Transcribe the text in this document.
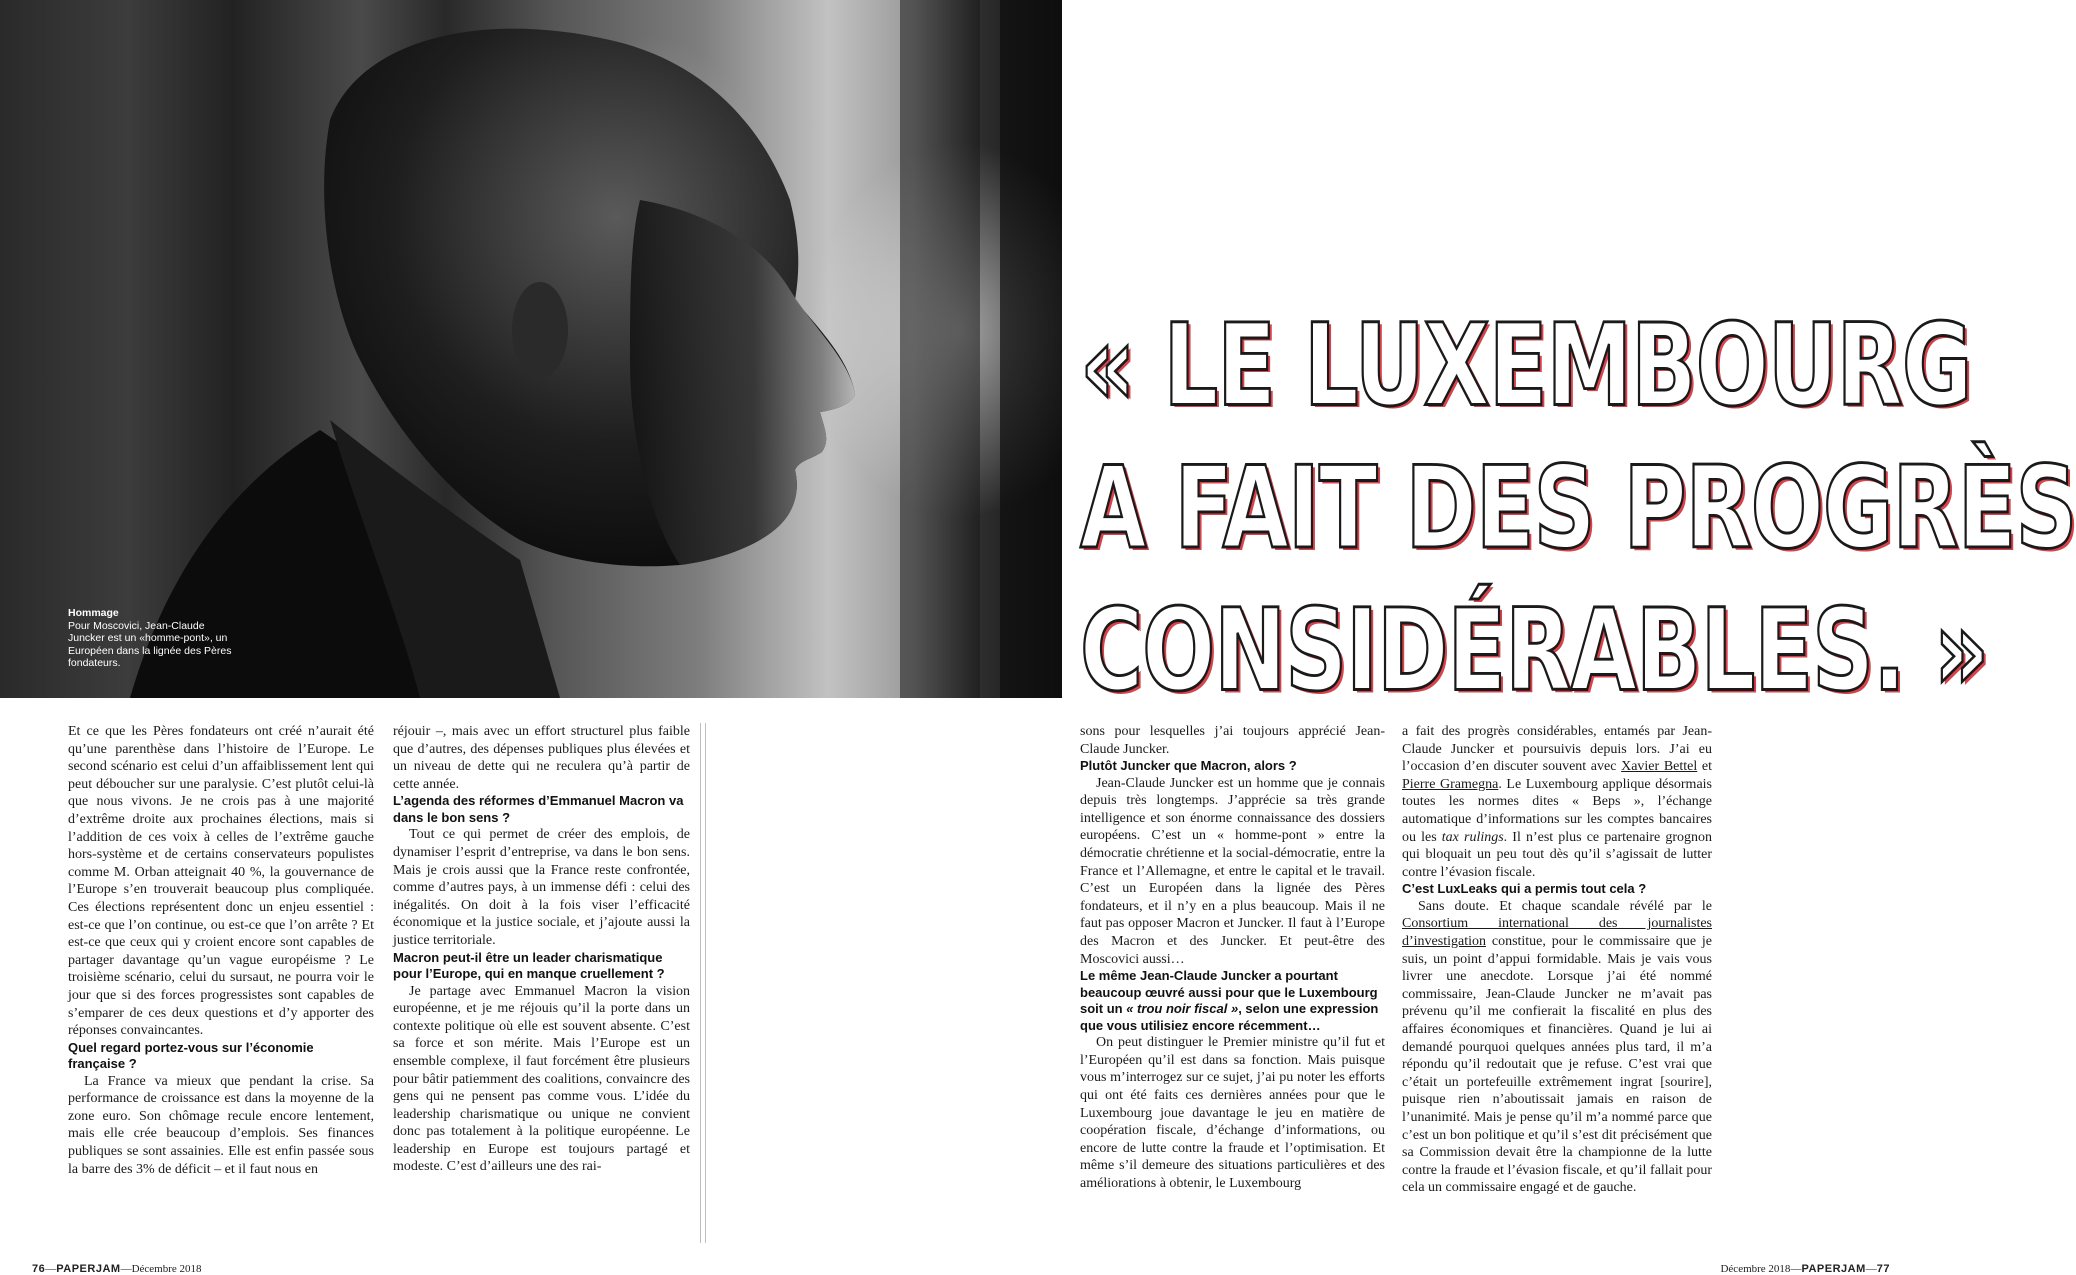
Hommage
Pour Moscovici, Jean-Claude Juncker est un «homme-pont», un Européen dans la lignée des Pères fondateurs.
« LE LUXEMBOURG
A FAIT DES PROGRÈS
CONSIDÉRABLES. »

Et ce que les Pères fondateurs ont créé n’aurait été qu’une parenthèse dans l’histoire de l’Europe. Le second scénario est celui d’un affaiblissement lent qui peut déboucher sur une paralysie. C’est plutôt celui-là que nous vivons. Je ne crois pas à une majorité d’extrême droite aux prochaines élections, mais si l’addition de ces voix à celles de l’extrême gauche hors-système et de certains conservateurs populistes comme M. Orban atteignait 40 %, la gouvernance de l’Europe s’en trouverait beaucoup plus compliquée. Ces élections représentent donc un enjeu essentiel : est-ce que l’on continue, ou est-ce que l’on arrête ? Et est-ce que ceux qui y croient encore sont capables de partager davantage qu’un vague européisme ? Le troisième scénario, celui du sursaut, ne pourra voir le jour que si des forces progressistes sont capables de s’emparer de ces deux questions et d’y apporter des réponses convaincantes.

Quel regard portez-vous sur l’économie française ?

La France va mieux que pendant la crise. Sa performance de croissance est dans la moyenne de la zone euro. Son chômage recule encore lentement, mais elle crée beaucoup d’emplois. Ses finances publiques se sont assainies. Elle est enfin passée sous la barre des 3% de déficit – et il faut nous en

réjouir –, mais avec un effort structurel plus faible que d’autres, des dépenses publiques plus élevées et un niveau de dette qui ne reculera qu’à partir de cette année.

L’agenda des réformes d’Emmanuel Macron va dans le bon sens ?

Tout ce qui permet de créer des emplois, de dynamiser l’esprit d’entreprise, va dans le bon sens. Mais je crois aussi que la France reste confrontée, comme d’autres pays, à un immense défi : celui des inégalités. On doit à la fois viser l’efficacité économique et la justice sociale, et j’ajoute aussi la justice territoriale.

Macron peut-il être un leader charismatique pour l’Europe, qui en manque cruellement ?

Je partage avec Emmanuel Macron la vision européenne, et je me réjouis qu’il la porte dans un contexte politique où elle est souvent absente. C’est sa force et son mérite. Mais l’Europe est un ensemble complexe, il faut forcément être plusieurs pour bâtir patiemment des coalitions, convaincre des gens qui ne pensent pas comme vous. L’idée du leadership charismatique ou unique ne convient donc pas totalement à la politique européenne. Le leadership en Europe est toujours partagé et modeste. C’est d’ailleurs une des rai-

sons pour lesquelles j’ai toujours apprécié Jean-Claude Juncker.

Plutôt Juncker que Macron, alors ?

Jean-Claude Juncker est un homme que je connais depuis très longtemps. J’apprécie sa très grande intelligence et son énorme connaissance des dossiers européens. C’est un « homme-pont » entre la démocratie chrétienne et la social-démocratie, entre la France et l’Allemagne, et entre le capital et le travail. C’est un Européen dans la lignée des Pères fondateurs, et il n’y en a plus beaucoup. Mais il ne faut pas opposer Macron et Juncker. Il faut à l’Europe des Macron et des Juncker. Et peut-être des Moscovici aussi…

Le même Jean-Claude Juncker a pourtant beaucoup œuvré aussi pour que le Luxembourg soit un « trou noir fiscal », selon une expression que vous utilisiez encore récemment…

On peut distinguer le Premier ministre qu’il fut et l’Européen qu’il est dans sa fonction. Mais puisque vous m’interrogez sur ce sujet, j’ai pu noter les efforts qui ont été faits ces dernières années pour que le Luxembourg joue davantage le jeu en matière de coopération fiscale, d’échange d’informations, ou encore de lutte contre la fraude et l’optimisation. Et même s’il demeure des situations particulières et des améliorations à obtenir, le Luxembourg

a fait des progrès considérables, entamés par Jean-Claude Juncker et poursuivis depuis lors. J’ai eu l’occasion d’en discuter souvent avec Xavier Bettel et Pierre Gramegna. Le Luxembourg applique désormais toutes les normes dites « Beps », l’échange automatique d’informations sur les comptes bancaires ou les tax rulings. Il n’est plus ce partenaire grognon qui bloquait un peu tout dès qu’il s’agissait de lutter contre l’évasion fiscale.

C’est LuxLeaks qui a permis tout cela ?

Sans doute. Et chaque scandale révélé par le Consortium international des journalistes d’investigation constitue, pour le commissaire que je suis, un point d’appui formidable. Mais je vais vous livrer une anecdote. Lorsque j’ai été nommé commissaire, Jean-Claude Juncker ne m’avait pas prévenu qu’il me confierait la fiscalité en plus des affaires économiques et financières. Quand je lui ai demandé pourquoi quelques années plus tard, il m’a répondu qu’il redoutait que je refuse. C’est vrai que c’était un portefeuille extrêmement ingrat [sourire], puisque rien n’aboutissait jamais en raison de l’unanimité. Mais je pense qu’il m’a nommé parce que c’est un bon politique et qu’il s’est dit précisément que sa Commission devait être la championne de la lutte contre la fraude et l’évasion fiscale, et qu’il fallait pour cela un commissaire engagé et de gauche.

76—PAPERJAM—Décembre 2018	Décembre 2018—PAPERJAM—77
